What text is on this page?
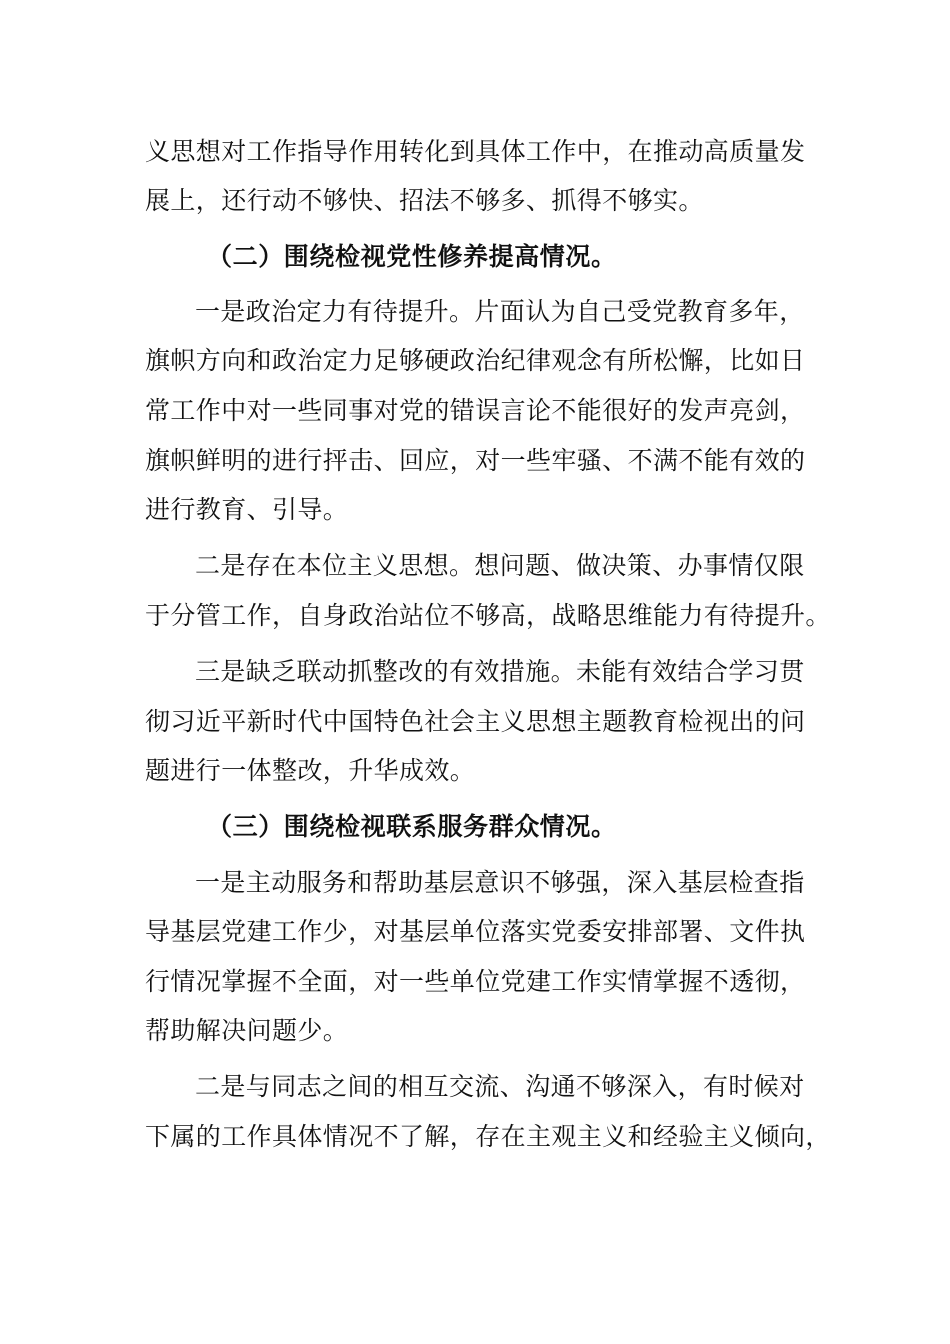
义思想对工作指导作用转化到具体工作中，在推动高质量发
展上，还行动不够快、招法不够多、抓得不够实。
（二）围绕检视党性修养提高情况。
一是政治定力有待提升。片面认为自己受党教育多年，
旗帜方向和政治定力足够硬政治纪律观念有所松懈，比如日
常工作中对一些同事对党的错误言论不能很好的发声亮剑，
旗帜鲜明的进行抨击、回应，对一些牢骚、不满不能有效的
进行教育、引导。
二是存在本位主义思想。想问题、做决策、办事情仅限
于分管工作，自身政治站位不够高，战略思维能力有待提升。
三是缺乏联动抓整改的有效措施。未能有效结合学习贯
彻习近平新时代中国特色社会主义思想主题教育检视出的问
题进行一体整改，升华成效。
（三）围绕检视联系服务群众情况。
一是主动服务和帮助基层意识不够强，深入基层检查指
导基层党建工作少，对基层单位落实党委安排部署、文件执
行情况掌握不全面，对一些单位党建工作实情掌握不透彻，
帮助解决问题少。
二是与同志之间的相互交流、沟通不够深入，有时候对
下属的工作具体情况不了解，存在主观主义和经验主义倾向，
